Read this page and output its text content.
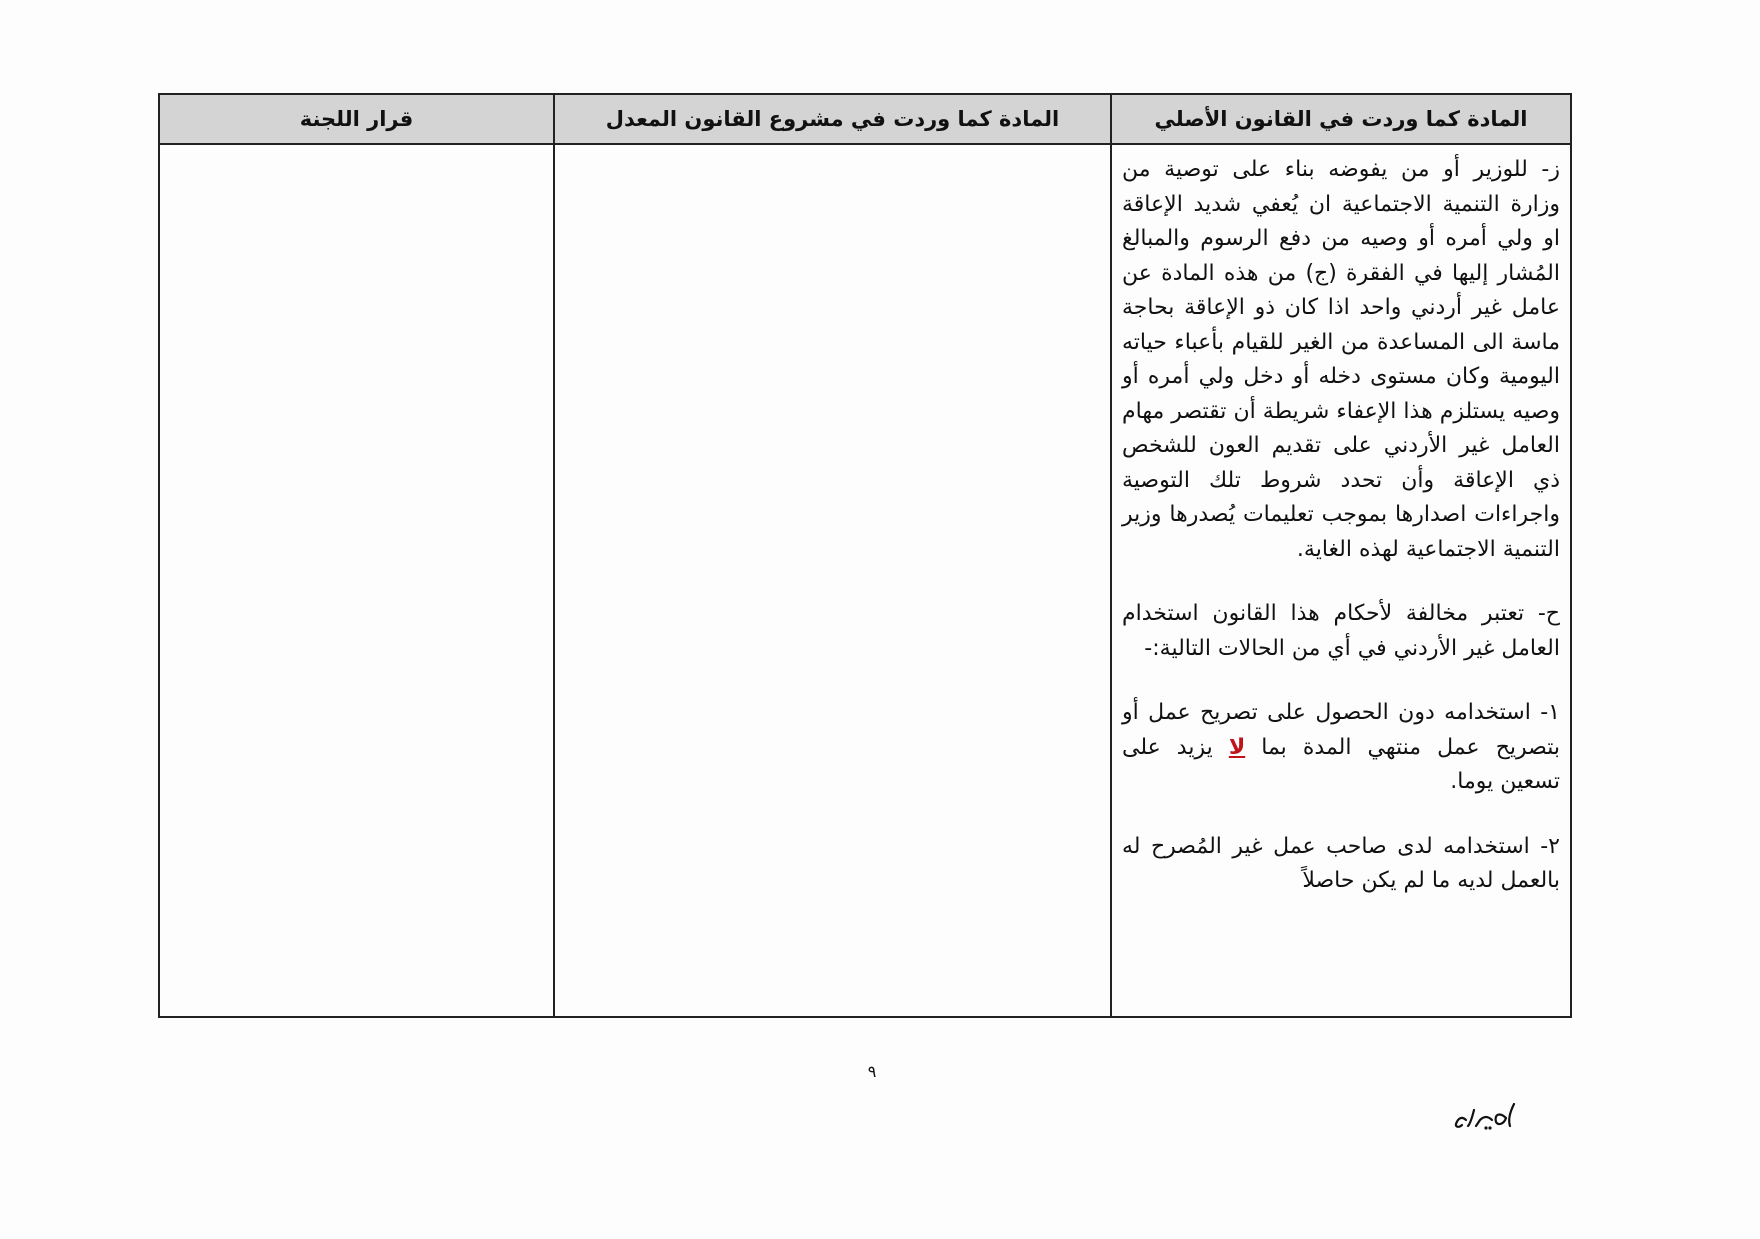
المادة كما وردت في القانون الأصلي	المادة كما وردت في مشروع القانون المعدل	قرار اللجنة

ز- للوزير أو من يفوضه بناء على توصية من وزارة التنمية الاجتماعية ان يُعفي شديد الإعاقة او ولي أمره أو وصيه من دفع الرسوم والمبالغ المُشار إليها في الفقرة (ج) من هذه المادة عن عامل غير أردني واحد اذا كان ذو الإعاقة بحاجة ماسة الى المساعدة من الغير للقيام بأعباء حياته اليومية وكان مستوى دخله أو دخل ولي أمره أو وصيه يستلزم هذا الإعفاء شريطة أن تقتصر مهام العامل غير الأردني على تقديم العون للشخص ذي الإعاقة وأن تحدد شروط تلك التوصية واجراءات اصدارها بموجب تعليمات يُصدرها وزير التنمية الاجتماعية لهذه الغاية.

ح- تعتبر مخالفة لأحكام هذا القانون استخدام العامل غير الأردني في أي من الحالات التالية:-

١- استخدامه دون الحصول على تصريح عمل أو بتصريح عمل منتهي المدة بما لا يزيد على تسعين يوما.

٢- استخدامه لدى صاحب عمل غير المُصرح له بالعمل لديه ما لم يكن حاصلاً		

٩
